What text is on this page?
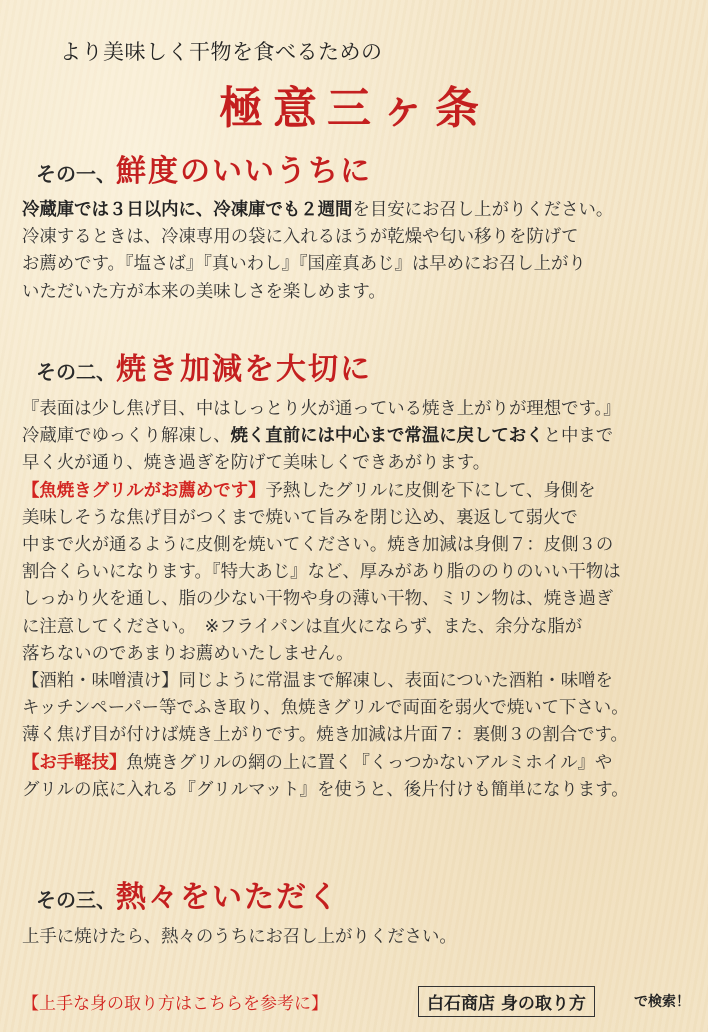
より美味しく干物を食べるための
極意三ヶ条
その一、鮮度のいいうちに
冷蔵庫では３日以内に、冷凍庫でも２週間を目安にお召し上がりください。
冷凍するときは、冷凍専用の袋に入れるほうが乾燥や匂い移りを防げて
お薦めです。『塩さば』『真いわし』『国産真あじ』は早めにお召し上がり
いただいた方が本来の美味しさを楽しめます。
その二、焼き加減を大切に
『表面は少し焦げ目、中はしっとり火が通っている焼き上がりが理想です。』
冷蔵庫でゆっくり解凍し、焼く直前には中心まで常温に戻しておくと中まで
早く火が通り、焼き過ぎを防げて美味しくできあがります。
【魚焼きグリルがお薦めです】予熱したグリルに皮側を下にして、身側を
美味しそうな焦げ目がつくまで焼いて旨みを閉じ込め、裏返して弱火で
中まで火が通るように皮側を焼いてください。焼き加減は身側７：皮側３の
割合くらいになります。『特大あじ』など、厚みがあり脂ののりのいい干物は
しっかり火を通し、脂の少ない干物や身の薄い干物、ミリン物は、焼き過ぎ
に注意してください。　※フライパンは直火にならず、また、余分な脂が
落ちないのであまりお薦めいたしません。
【酒粕・味噌漬け】同じように常温まで解凍し、表面についた酒粕・味噌を
キッチンペーパー等でふき取り、魚焼きグリルで両面を弱火で焼いて下さい。
薄く焦げ目が付けば焼き上がりです。焼き加減は片面７：裏側３の割合です。
【お手軽技】魚焼きグリルの網の上に置く『くっつかないアルミホイル』や
グリルの底に入れる『グリルマット』を使うと、後片付けも簡単になります。
その三、熱々をいただく
上手に焼けたら、熱々のうちにお召し上がりください。
【上手な身の取り方はこちらを参考に】	白石商店 身の取り方	で検索！
